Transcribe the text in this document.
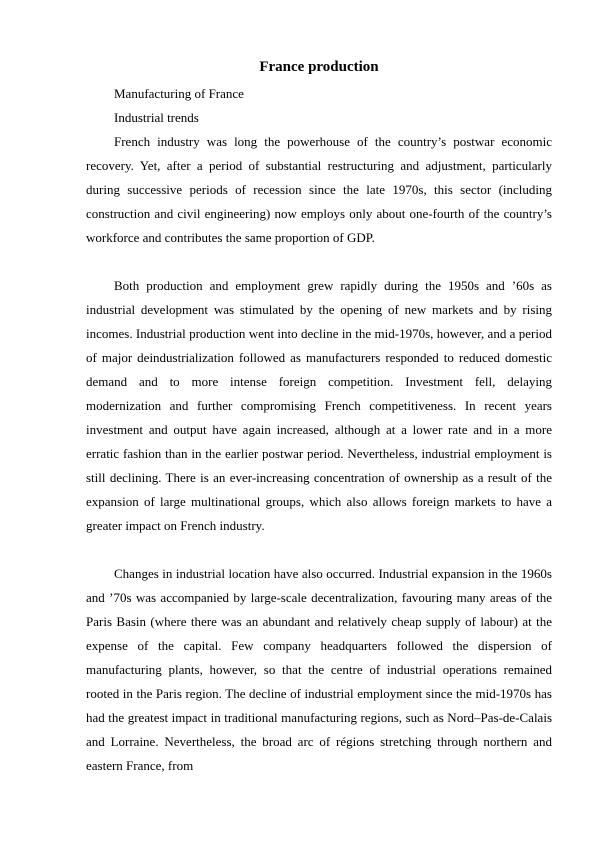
France production

Manufacturing of France

Industrial trends

French industry was long the powerhouse of the country’s postwar economic recovery. Yet, after a period of substantial restructuring and adjustment, particularly during successive periods of recession since the late 1970s, this sector (including construction and civil engineering) now employs only about one-fourth of the country’s workforce and contributes the same proportion of GDP.

Both production and employment grew rapidly during the 1950s and ’60s as industrial development was stimulated by the opening of new markets and by rising incomes. Industrial production went into decline in the mid-1970s, however, and a period of major deindustrialization followed as manufacturers responded to reduced domestic demand and to more intense foreign competition. Investment fell, delaying modernization and further compromising French competitiveness. In recent years investment and output have again increased, although at a lower rate and in a more erratic fashion than in the earlier postwar period. Nevertheless, industrial employment is still declining. There is an ever-increasing concentration of ownership as a result of the expansion of large multinational groups, which also allows foreign markets to have a greater impact on French industry.

Changes in industrial location have also occurred. Industrial expansion in the 1960s and ’70s was accompanied by large-scale decentralization, favouring many areas of the Paris Basin (where there was an abundant and relatively cheap supply of labour) at the expense of the capital. Few company headquarters followed the dispersion of manufacturing plants, however, so that the centre of industrial operations remained rooted in the Paris region. The decline of industrial employment since the mid-1970s has had the greatest impact in traditional manufacturing regions, such as Nord–Pas-de-Calais and Lorraine. Nevertheless, the broad arc of régions stretching through northern and eastern France, from
